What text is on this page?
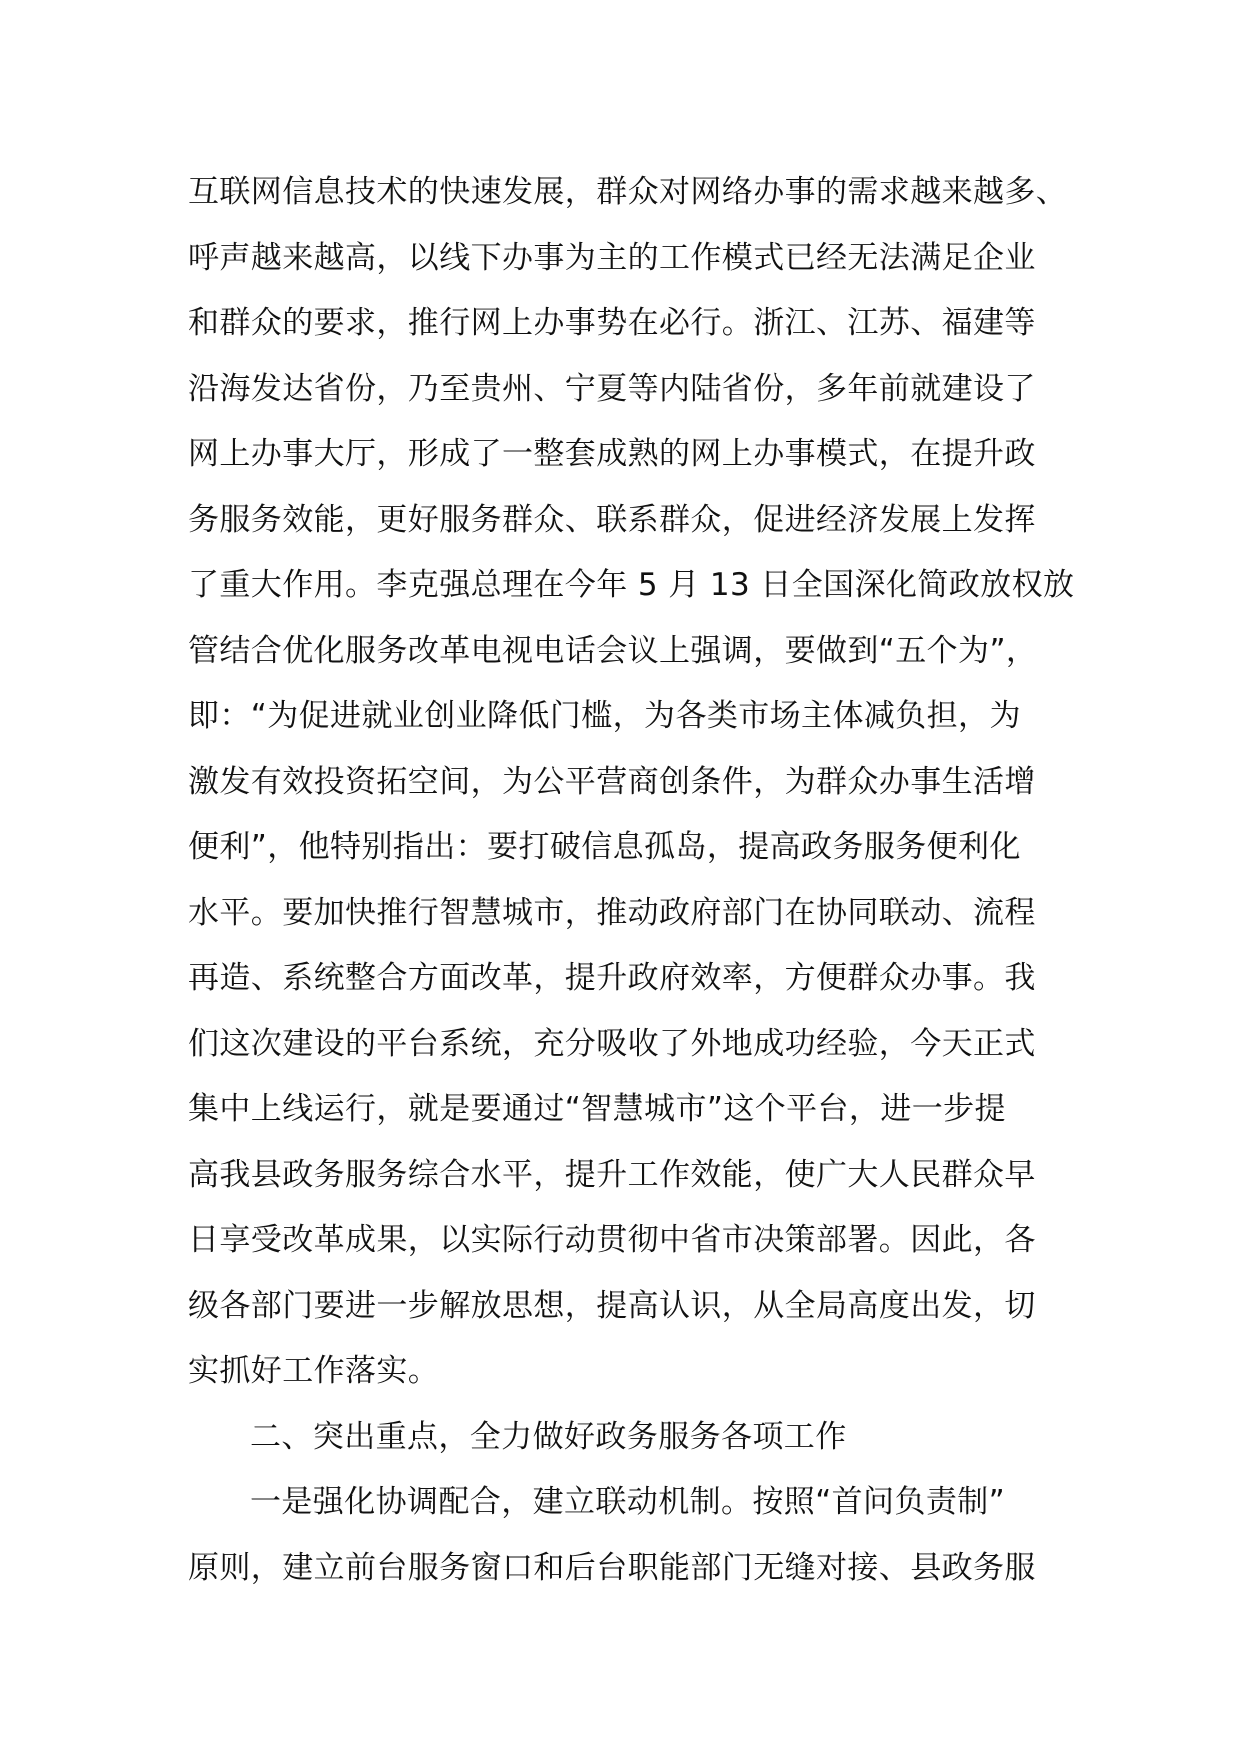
互联网信息技术的快速发展，群众对网络办事的需求越来越多、
呼声越来越高，以线下办事为主的工作模式已经无法满足企业
和群众的要求，推行网上办事势在必行。浙江、江苏、福建等
沿海发达省份，乃至贵州、宁夏等内陆省份，多年前就建设了
网上办事大厅，形成了一整套成熟的网上办事模式，在提升政
务服务效能，更好服务群众、联系群众，促进经济发展上发挥
了重大作用。李克强总理在今年 5 月 13 日全国深化简政放权放
管结合优化服务改革电视电话会议上强调，要做到“五个为”，
即：“为促进就业创业降低门槛，为各类市场主体减负担，为
激发有效投资拓空间，为公平营商创条件，为群众办事生活增
便利”，他特别指出：要打破信息孤岛，提高政务服务便利化
水平。要加快推行智慧城市，推动政府部门在协同联动、流程
再造、系统整合方面改革，提升政府效率，方便群众办事。我
们这次建设的平台系统，充分吸收了外地成功经验，今天正式
集中上线运行，就是要通过“智慧城市”这个平台，进一步提
高我县政务服务综合水平，提升工作效能，使广大人民群众早
日享受改革成果，以实际行动贯彻中省市决策部署。因此，各
级各部门要进一步解放思想，提高认识，从全局高度出发，切
实抓好工作落实。
二、突出重点，全力做好政务服务各项工作
一是强化协调配合，建立联动机制。按照“首问负责制”
原则，建立前台服务窗口和后台职能部门无缝对接、县政务服
